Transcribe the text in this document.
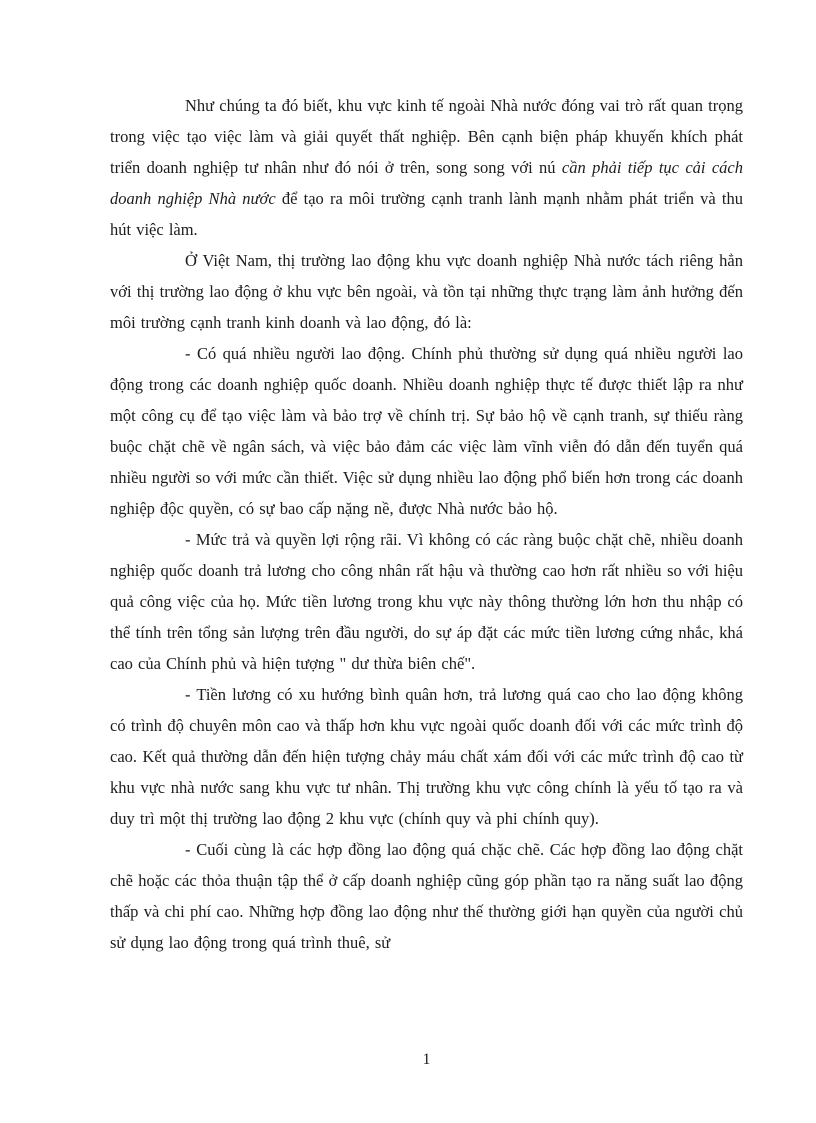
Như chúng ta đó biết, khu vực kinh tế ngoài Nhà nước đóng vai trò rất quan trọng trong việc tạo việc làm và giải quyết thất nghiệp. Bên cạnh biện pháp khuyến khích phát triển doanh nghiệp tư nhân như đó nói ở trên, song song với nú cần phải tiếp tục cải cách doanh nghiệp Nhà nước để tạo ra môi trường cạnh tranh lành mạnh nhằm phát triển và thu hút việc làm.

Ở Việt Nam, thị trường lao động khu vực doanh nghiệp Nhà nước tách riêng hẳn với thị trường lao động ở khu vực bên ngoài, và tồn tại những thực trạng làm ảnh hưởng đến môi trường cạnh tranh kinh doanh và lao động, đó là:

- Có quá nhiều người lao động. Chính phủ thường sử dụng quá nhiều người lao động trong các doanh nghiệp quốc doanh. Nhiều doanh nghiệp thực tế được thiết lập ra như một công cụ để tạo việc làm và bảo trợ về chính trị. Sự bảo hộ về cạnh tranh, sự thiếu ràng buộc chặt chẽ về ngân sách, và việc bảo đảm các việc làm vĩnh viễn đó dẫn đến tuyển quá nhiều người so với mức cần thiết. Việc sử dụng nhiều lao động phổ biến hơn trong các doanh nghiệp độc quyền, có sự bao cấp nặng nề, được Nhà nước bảo hộ.

- Mức trả và quyền lợi rộng rãi. Vì không có các ràng buộc chặt chẽ, nhiều doanh nghiệp quốc doanh trả lương cho công nhân rất hậu và thường cao hơn rất nhiều so với hiệu quả công việc của họ. Mức tiền lương trong khu vực này thông thường lớn hơn thu nhập có thể tính trên tổng sản lượng trên đầu người, do sự áp đặt các mức tiền lương cứng nhắc, khá cao của Chính phủ và hiện tượng " dư thừa biên chế".

- Tiền lương có xu hướng bình quân hơn, trả lương quá cao cho lao động không có trình độ chuyên môn cao và thấp hơn khu vực ngoài quốc doanh đối với các mức trình độ cao. Kết quả thường dẫn đến hiện tượng chảy máu chất xám đối với các mức trình độ cao từ khu vực nhà nước sang khu vực tư nhân. Thị trường khu vực công chính là yếu tố tạo ra và duy trì một thị trường lao động 2 khu vực (chính quy và phi chính quy).

- Cuối cùng là các hợp đồng lao động quá chặc chẽ. Các hợp đồng lao động chặt chẽ hoặc các thỏa thuận tập thể ở cấp doanh nghiệp cũng góp phần tạo ra năng suất lao động thấp và chi phí cao. Những hợp đồng lao động như thế thường giới hạn quyền của người chủ sử dụng lao động trong quá trình thuê, sử

1
